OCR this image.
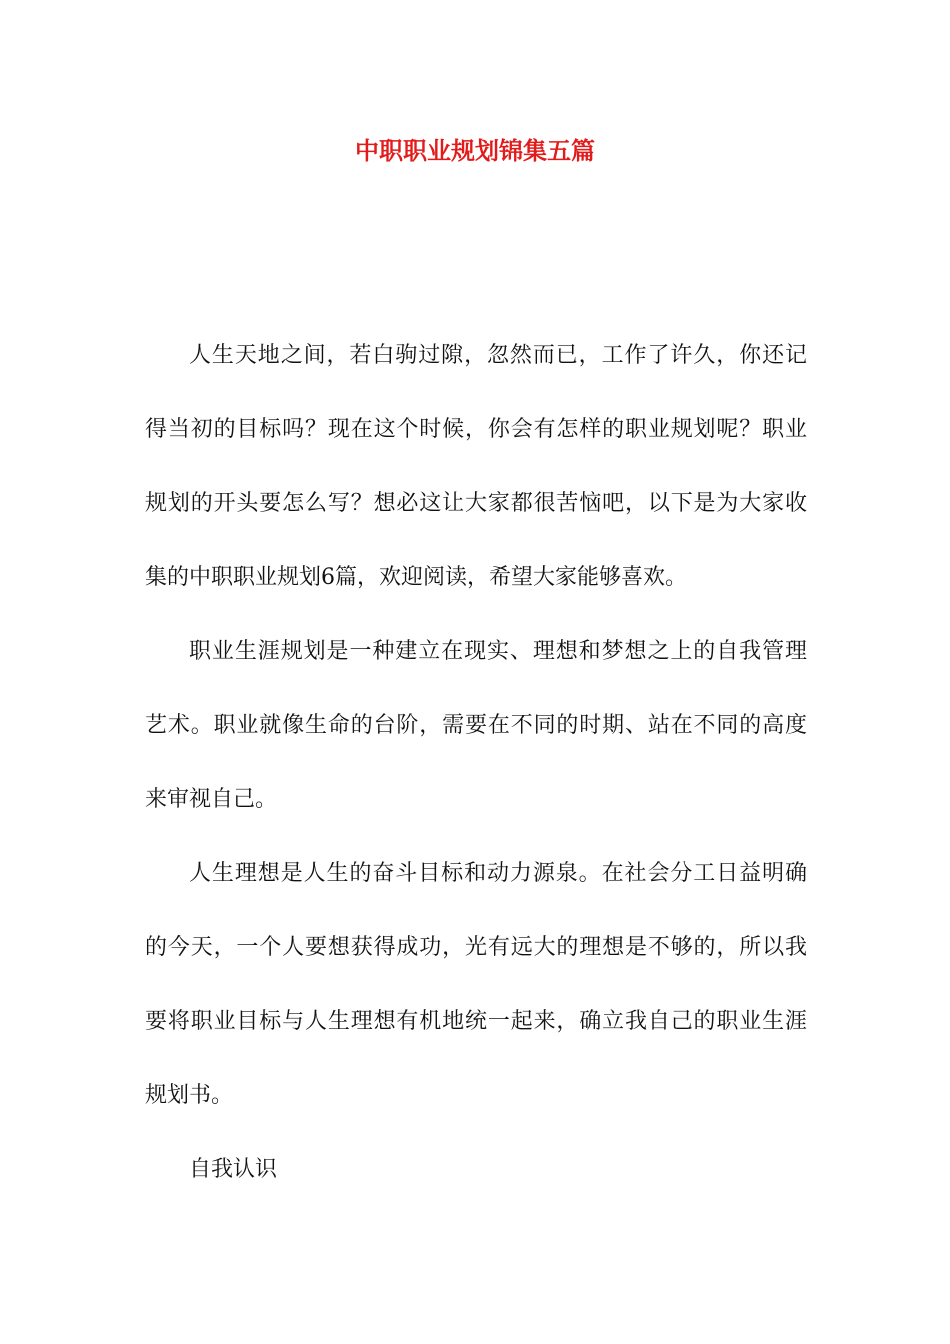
中职职业规划锦集五篇

人生天地之间，若白驹过隙，忽然而已，工作了许久，你还记
得当初的目标吗？现在这个时候，你会有怎样的职业规划呢？职业
规划的开头要怎么写？想必这让大家都很苦恼吧，以下是为大家收
集的中职职业规划6篇，欢迎阅读，希望大家能够喜欢。

职业生涯规划是一种建立在现实、理想和梦想之上的自我管理
艺术。职业就像生命的台阶，需要在不同的时期、站在不同的高度
来审视自己。

人生理想是人生的奋斗目标和动力源泉。在社会分工日益明确
的今天，一个人要想获得成功，光有远大的理想是不够的，所以我
要将职业目标与人生理想有机地统一起来，确立我自己的职业生涯
规划书。

自我认识
